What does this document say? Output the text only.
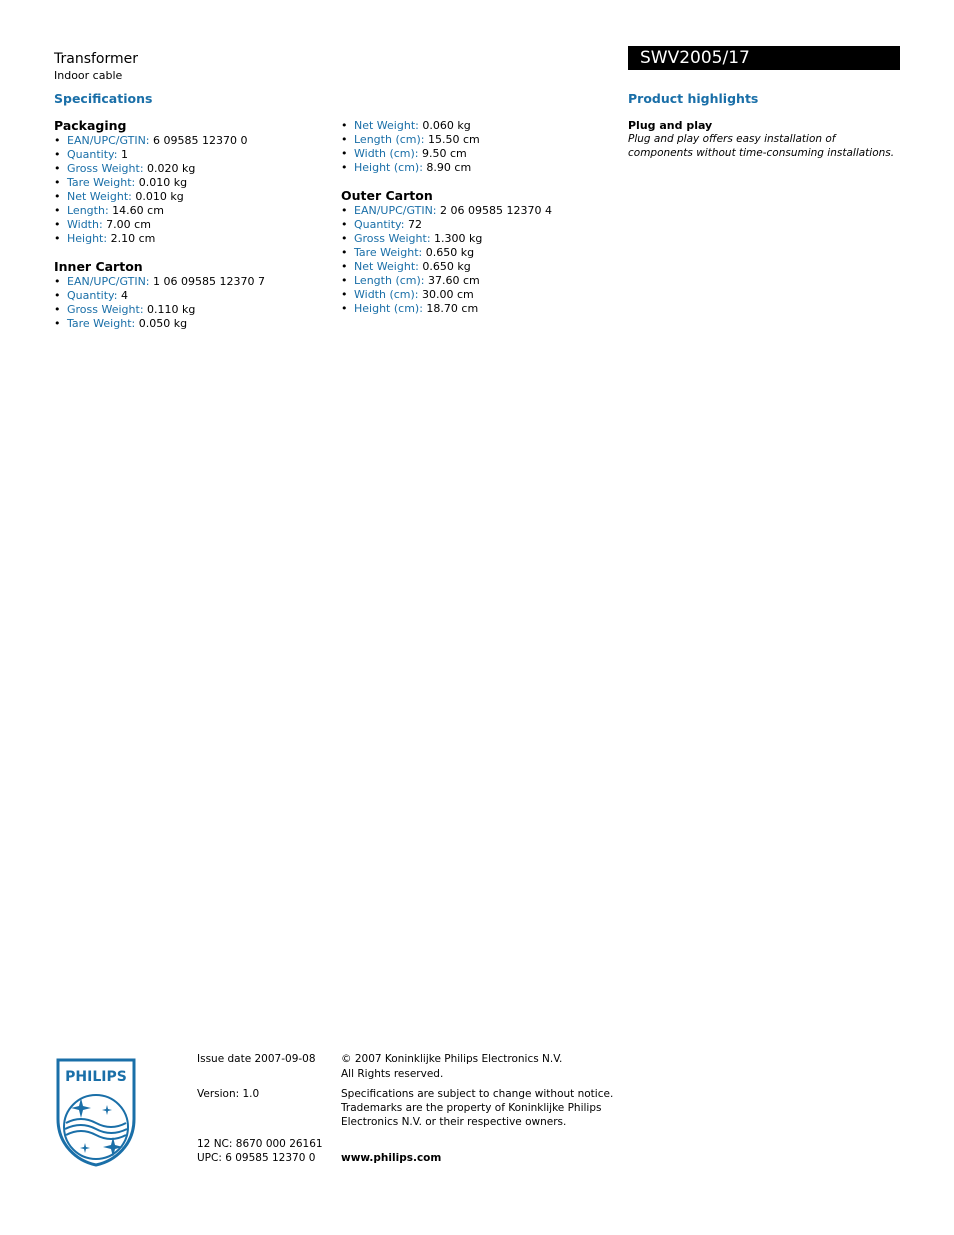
Transformer
Indoor cable
SWV2005/17
Specifications
Packaging
• EAN/UPC/GTIN: 6 09585 12370 0
• Quantity: 1
• Gross Weight: 0.020 kg
• Tare Weight: 0.010 kg
• Net Weight: 0.010 kg
• Length: 14.60 cm
• Width: 7.00 cm
• Height: 2.10 cm
Inner Carton
• EAN/UPC/GTIN: 1 06 09585 12370 7
• Quantity: 4
• Gross Weight: 0.110 kg
• Tare Weight: 0.050 kg
• Net Weight: 0.060 kg
• Length (cm): 15.50 cm
• Width (cm): 9.50 cm
• Height (cm): 8.90 cm
Outer Carton
• EAN/UPC/GTIN: 2 06 09585 12370 4
• Quantity: 72
• Gross Weight: 1.300 kg
• Tare Weight: 0.650 kg
• Net Weight: 0.650 kg
• Length (cm): 37.60 cm
• Width (cm): 30.00 cm
• Height (cm): 18.70 cm
Product highlights
Plug and play
Plug and play offers easy installation of components without time-consuming installations.
PHILIPS
Issue date 2007-09-08
Version: 1.0
12 NC: 8670 000 26161
UPC: 6 09585 12370 0
© 2007 Koninklijke Philips Electronics N.V.
All Rights reserved.
Specifications are subject to change without notice.
Trademarks are the property of Koninklijke Philips
Electronics N.V. or their respective owners.
www.philips.com
